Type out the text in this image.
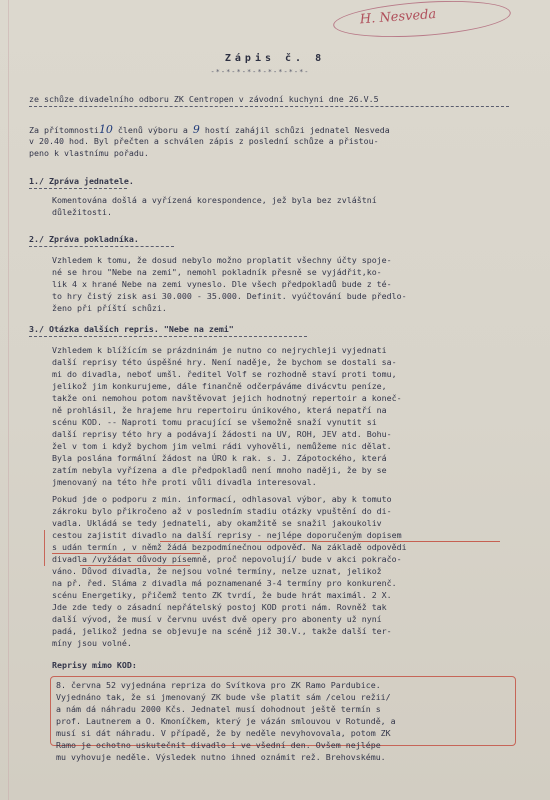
H. Nesveda
Zápis č. 8
-*-*-*-*-*-*-*-*-*-
ze schůze divadelního odboru ZK Centropen v závodní kuchyni dne 26.V.5
Za přítomnosti10 členů výboru a 9 hostí zahájil schůzi jednatel Nesveda
v 20.40 hod. Byl přečten a schválen zápis z poslední schůze a přistou-
peno k vlastnímu pořadu.
1./ Zpráva jednatele.
Komentována došlá a vyřízená korespondence, jež byla bez zvláštní
důležitosti.
2./ Zpráva pokladníka.
Vzhledem k tomu, že dosud nebylo možno proplatit všechny účty spoje-
né se hrou "Nebe na zemi", nemohl pokladník přesně se vyjádřit,ko-
lik 4 x hrané Nebe na zemi vyneslo. Dle všech předpokladů bude z té-
to hry čistý zisk asi 30.000 - 35.000. Definit. vyúčtování bude předlo-
ženo při příští schůzi.
3./ Otázka dalších repris. "Nebe na zemi"
Vzhledem k blížícím se prázdninám je nutno co nejrychleji vyjednati
další reprisy této úspěšné hry. Není naděje, že bychom se dostali sa-
mi do divadla, neboť umšl. ředitel Volf se rozhodně staví proti tomu,
jelikož jim konkurujeme, dále finančně odčerpáváme divácvtu peníze,
takže oni nemohou potom navštěvovat jejich hodnotný repertoir a koneč-
ně prohlásil, že hrajeme hru repertoiru únikového, která nepatří na
scénu KOD. -- Naproti tomu pracující se všemožně snaží vynutit si
další reprisy této hry a podávají žádosti na UV, ROH, JEV atd. Bohu-
žel v tom i když bychom jim velmi rádi vyhověli, nemůžeme nic dělat.
Byla poslána formální žádost na ÚRO k rak. s. J. Zápotockého, která
zatím nebyla vyřízena a dle předpokladů není mnoho naději, že by se
jmenovaný na této hře proti vůli divadla interesoval.
Pokud jde o podporu z min. informací, odhlasoval výbor, aby k tomuto
zákroku bylo přikročeno až v posledním stadiu otázky vpuštění do di-
vadla. Ukládá se tedy jednateli, aby okamžitě se snažil jakoukoliv
cestou zajistit divadlo na další reprisy - nejlépe doporučeným dopisem
s udán termín , v němž žádá bezpodmínečnou odpověď. Na základě odpovědi
divadla /vyžádat důvody písemně, proč nepovolují/ bude v akci pokračo-
váno. Důvod divadla, že nejsou volné termíny, nelze uznat, jelikož
na př. řed. Sláma z divadla má poznamenané 3-4 termíny pro konkurenč.
scénu Energetiky, přičemž tento ZK tvrdí, že bude hrát maximál. 2 X.
Jde zde tedy o zásadní nepřátelský postoj KOD proti nám. Rovněž tak
další vývod, že musí v červnu uvést dvě opery pro abonenty už nyní
padá, jelikož jedna se objevuje na scéně již 30.V., takže další ter-
míny jsou volné.
Reprisy mimo KOD:
8. června 52 vyjednána repriza do Svítkova pro ZK Ramo Pardubice.
Vyjednáno tak, že si jmenovaný ZK bude vše platit sám /celou režii/
a nám dá náhradu 2000 Kčs. Jednatel musí dohodnout ještě termín s
prof. Lautnerem a O. Kmoníčkem, který je vázán smlouvou v Rotundě, a
musí si dát náhradu. V případě, že by neděle nevyhovovala, potom ZK
Ramo je ochotno uskutečnit divadlo i ve všední den. Ovšem nejlépe
mu vyhovuje neděle. Výsledek nutno ihned oznámit rež. Brehovskému.
